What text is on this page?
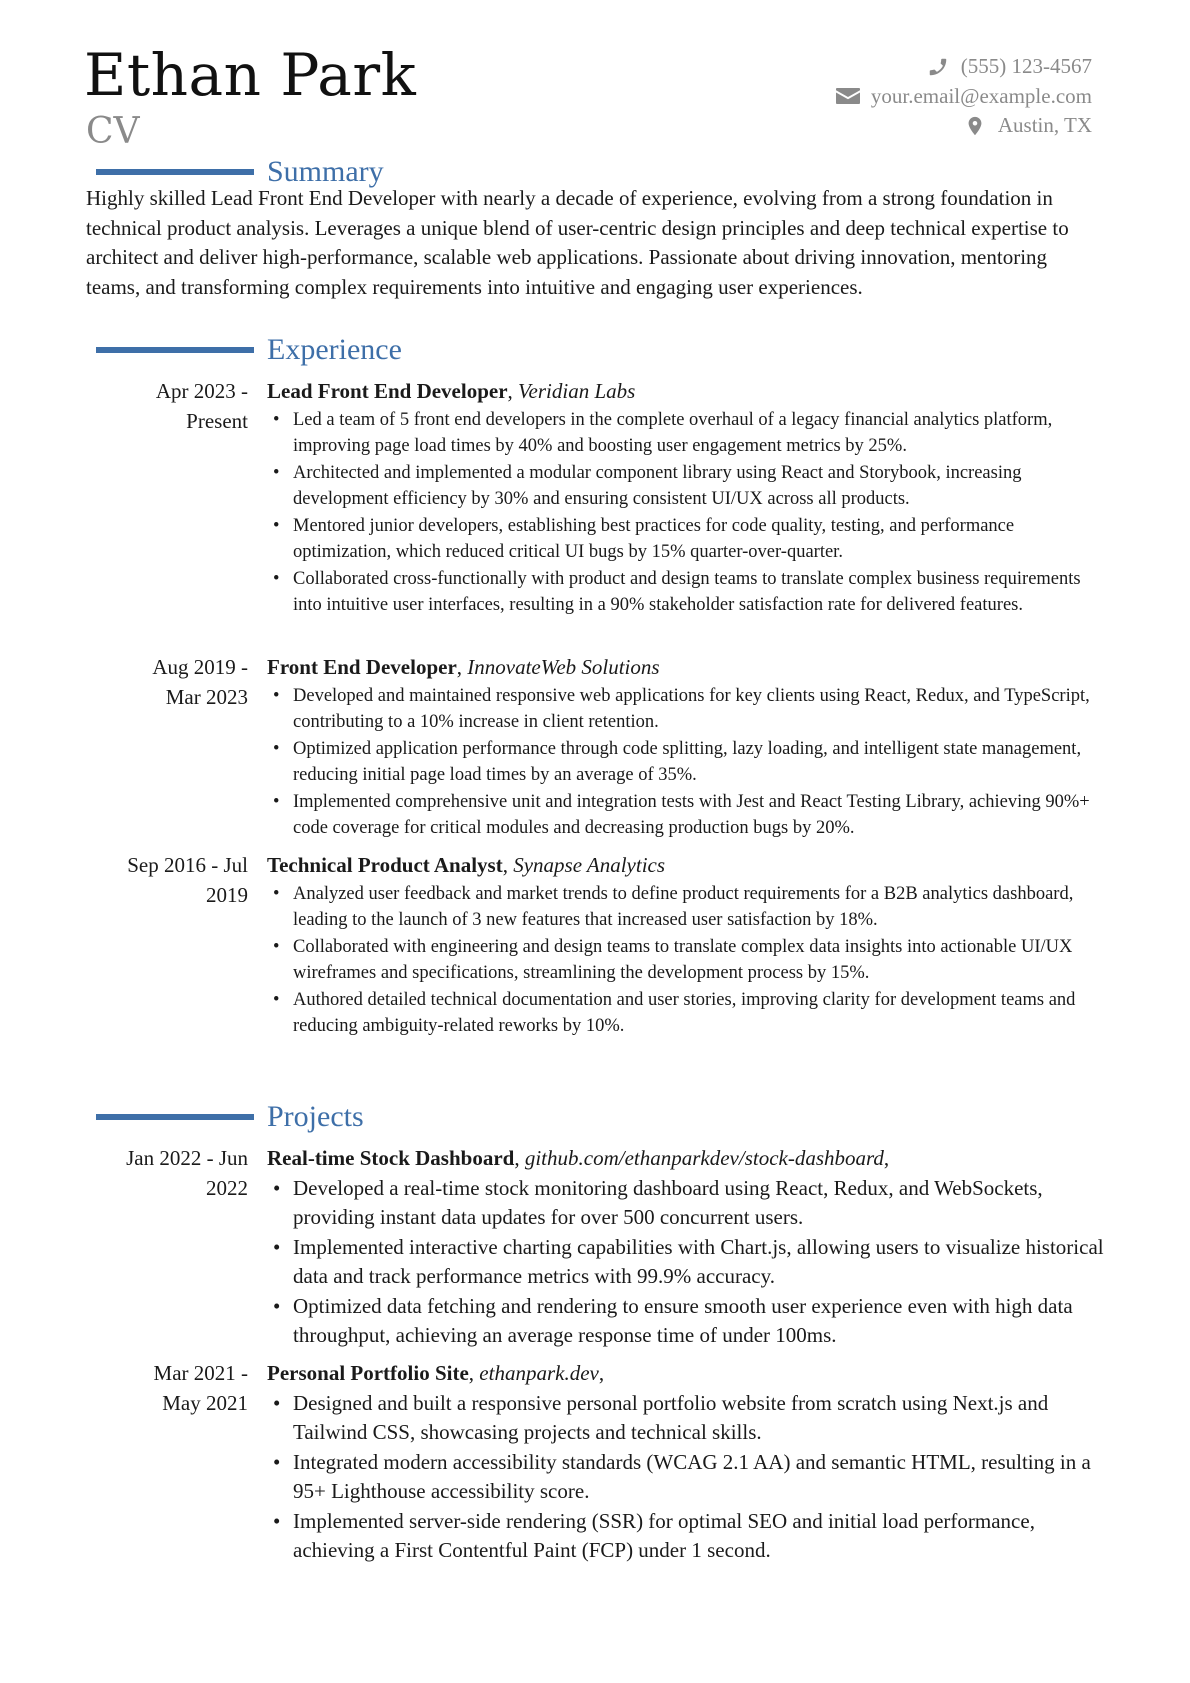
Ethan Park
CV
(555) 123-4567
your.email@example.com
Austin, TX
Summary
Highly skilled Lead Front End Developer with nearly a decade of experience, evolving from a strong foundation in technical product analysis. Leverages a unique blend of user-centric design principles and deep technical expertise to architect and deliver high-performance, scalable web applications. Passionate about driving innovation, mentoring teams, and transforming complex requirements into intuitive and engaging user experiences.
Experience
Apr 2023 -
Present
Lead Front End Developer, Veridian Labs
• Led a team of 5 front end developers in the complete overhaul of a legacy financial analytics platform, improving page load times by 40% and boosting user engagement metrics by 25%.
• Architected and implemented a modular component library using React and Storybook, increasing development efficiency by 30% and ensuring consistent UI/UX across all products.
• Mentored junior developers, establishing best practices for code quality, testing, and performance optimization, which reduced critical UI bugs by 15% quarter-over-quarter.
• Collaborated cross-functionally with product and design teams to translate complex business requirements into intuitive user interfaces, resulting in a 90% stakeholder satisfaction rate for delivered features.
Aug 2019 -
Mar 2023
Front End Developer, InnovateWeb Solutions
• Developed and maintained responsive web applications for key clients using React, Redux, and TypeScript, contributing to a 10% increase in client retention.
• Optimized application performance through code splitting, lazy loading, and intelligent state management, reducing initial page load times by an average of 35%.
• Implemented comprehensive unit and integration tests with Jest and React Testing Library, achieving 90%+ code coverage for critical modules and decreasing production bugs by 20%.
Sep 2016 - Jul
2019
Technical Product Analyst, Synapse Analytics
• Analyzed user feedback and market trends to define product requirements for a B2B analytics dashboard, leading to the launch of 3 new features that increased user satisfaction by 18%.
• Collaborated with engineering and design teams to translate complex data insights into actionable UI/UX wireframes and specifications, streamlining the development process by 15%.
• Authored detailed technical documentation and user stories, improving clarity for development teams and reducing ambiguity-related reworks by 10%.
Projects
Jan 2022 - Jun
2022
Real-time Stock Dashboard, github.com/ethanparkdev/stock-dashboard,
• Developed a real-time stock monitoring dashboard using React, Redux, and WebSockets, providing instant data updates for over 500 concurrent users.
• Implemented interactive charting capabilities with Chart.js, allowing users to visualize historical data and track performance metrics with 99.9% accuracy.
• Optimized data fetching and rendering to ensure smooth user experience even with high data throughput, achieving an average response time of under 100ms.
Mar 2021 -
May 2021
Personal Portfolio Site, ethanpark.dev,
• Designed and built a responsive personal portfolio website from scratch using Next.js and Tailwind CSS, showcasing projects and technical skills.
• Integrated modern accessibility standards (WCAG 2.1 AA) and semantic HTML, resulting in a 95+ Lighthouse accessibility score.
• Implemented server-side rendering (SSR) for optimal SEO and initial load performance, achieving a First Contentful Paint (FCP) under 1 second.
